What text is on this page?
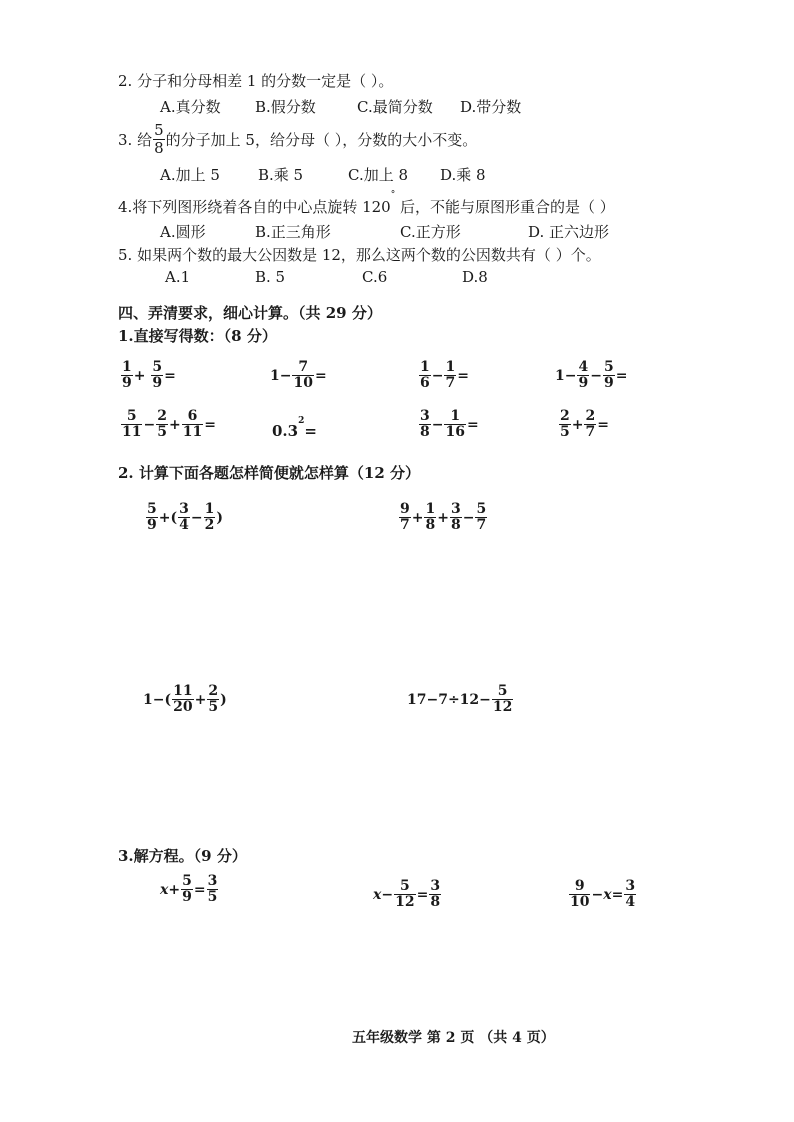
2. 分子和分母相差 1 的分数一定是（ ）。
A.真分数 B.假分数	C.最简分数 D.带分数
3. 给 $\frac{5}{8}$ 的分子加上 5，给分母（ ），分数的大小不变。
A.加上 5	B.乘 5	C.加上 8 D.乘 8
4.将下列图形绕着各自的中心点旋转 120° 后，不能与原图形重合的是（ ）
A.圆形	B.正三角形	C.正方形	D. 正六边形
5. 如果两个数的最大公因数是 12，那么这两个数的公因数共有（ ）个。
A.1	B. 5	C.6	D.8
四、弄清要求，细心计算。（共 29 分）
1.直接写得数：（8 分）
$\frac{1}{9} + \frac{5}{9}$ =	$1- \frac{7}{10}$ =	$\frac{1}{6} - \frac{1}{7}$ =	$1- \frac{4}{9} - \frac{5}{9}$ =
$\frac{5}{11} - \frac{2}{5} + \frac{6}{11}$ =	$0.3^2=$	$\frac{3}{8} - \frac{1}{16}$ =	$\frac{2}{5} + \frac{2}{7}$ =
2. 计算下面各题怎样简便就怎样算（12 分）
$\frac{5}{9}$ +( $\frac{3}{4} - \frac{1}{2}$ )	$\frac{9}{7} + \frac{1}{8} + \frac{3}{8} - \frac{5}{7}$
$1-( \frac{11}{20} + \frac{2}{5}$ )	$17-7\div 12- \frac{5}{12}$
3.解方程。（9 分）
$x+ \frac{5}{9} = \frac{3}{5}$	$x- \frac{5}{12} = \frac{3}{8}$	$\frac{9}{10} -x= \frac{3}{4}$
五年级数学 第 2 页 （共 4 页）
